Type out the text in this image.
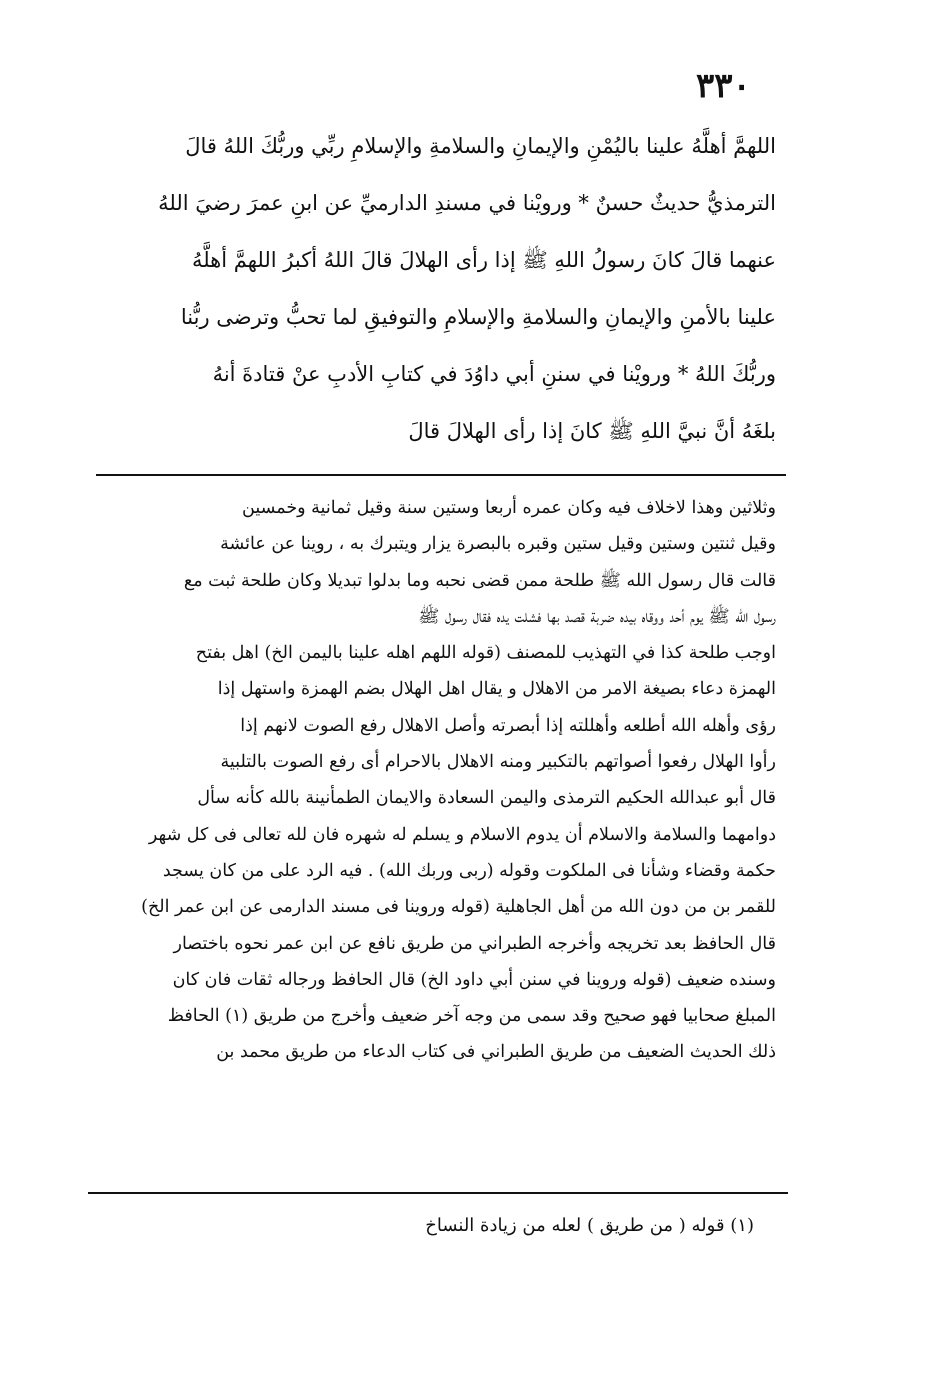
٣٣٠
اللهمَّ أهلَّهُ علينا باليُمْنِ والإيمانِ والسلامةِ والإسلامِ ربِّي وربُّكَ اللهُ قالَ
الترمذيُّ حديثٌ حسنٌ * ورويْنا في مسندِ الدارميِّ عن ابنِ عمرَ رضيَ اللهُ
عنهما قالَ كانَ رسولُ اللهِ ﷺ إذا رأى الهلالَ قالَ اللهُ أكبرُ اللهمَّ أهلَّهُ
علينا بالأمنِ والإيمانِ والسلامةِ والإسلامِ والتوفيقِ لما تحبُّ وترضى ربُّنا
وربُّكَ اللهُ * ورويْنا في سننِ أبي داوُدَ في كتابِ الأدبِ عنْ قتادةَ أنهُ
بلغَهُ أنَّ نبيَّ اللهِ ﷺ كانَ إذا رأى الهلالَ قالَ
وثلاثين وهذا لاخلاف فيه وكان عمره أربعا وستين سنة وقيل ثمانية وخمسين
وقيل ثنتين وستين وقيل ستين وقبره بالبصرة يزار ويتبرك به ، روينا عن عائشة
قالت قال رسول الله ﷺ طلحة ممن قضى نحبه وما بدلوا تبديلا وكان طلحة ثبت مع
رسول الله ﷺ يوم أحد ووقاه بيده ضربة قصد بها فشلت يده فقال رسول ﷺ
اوجب طلحة كذا في التهذيب للمصنف (قوله اللهم اهله علينا باليمن الخ) اهل بفتح
الهمزة دعاء بصيغة الامر من الاهلال و يقال اهل الهلال بضم الهمزة واستهل إذا
رؤى وأهله الله أطلعه وأهللته إذا أبصرته وأصل الاهلال رفع الصوت لانهم إذا
رأوا الهلال رفعوا أصواتهم بالتكبير ومنه الاهلال بالاحرام أى رفع الصوت بالتلبية
قال أبو عبدالله الحكيم الترمذى واليمن السعادة والايمان الطمأنينة بالله كأنه سأل
دوامهما والسلامة والاسلام أن يدوم الاسلام و يسلم له شهره فان لله تعالى فى كل شهر
حكمة وقضاء وشأنا فى الملكوت وقوله (ربى وربك الله) . فيه الرد على من كان يسجد
للقمر بن من دون الله من أهل الجاهلية (قوله وروينا فى مسند الدارمى عن ابن عمر الخ)
قال الحافظ بعد تخريجه وأخرجه الطبراني من طريق نافع عن ابن عمر نحوه باختصار
وسنده ضعيف (قوله وروينا في سنن أبي داود الخ) قال الحافظ ورجاله ثقات فان كان
المبلغ صحابيا فهو صحيح وقد سمى من وجه آخر ضعيف وأخرج من طريق (١) الحافظ
ذلك الحديث الضعيف من طريق الطبراني فى كتاب الدعاء من طريق محمد بن
(١) قوله ( من طريق ) لعله من زيادة النساخ
